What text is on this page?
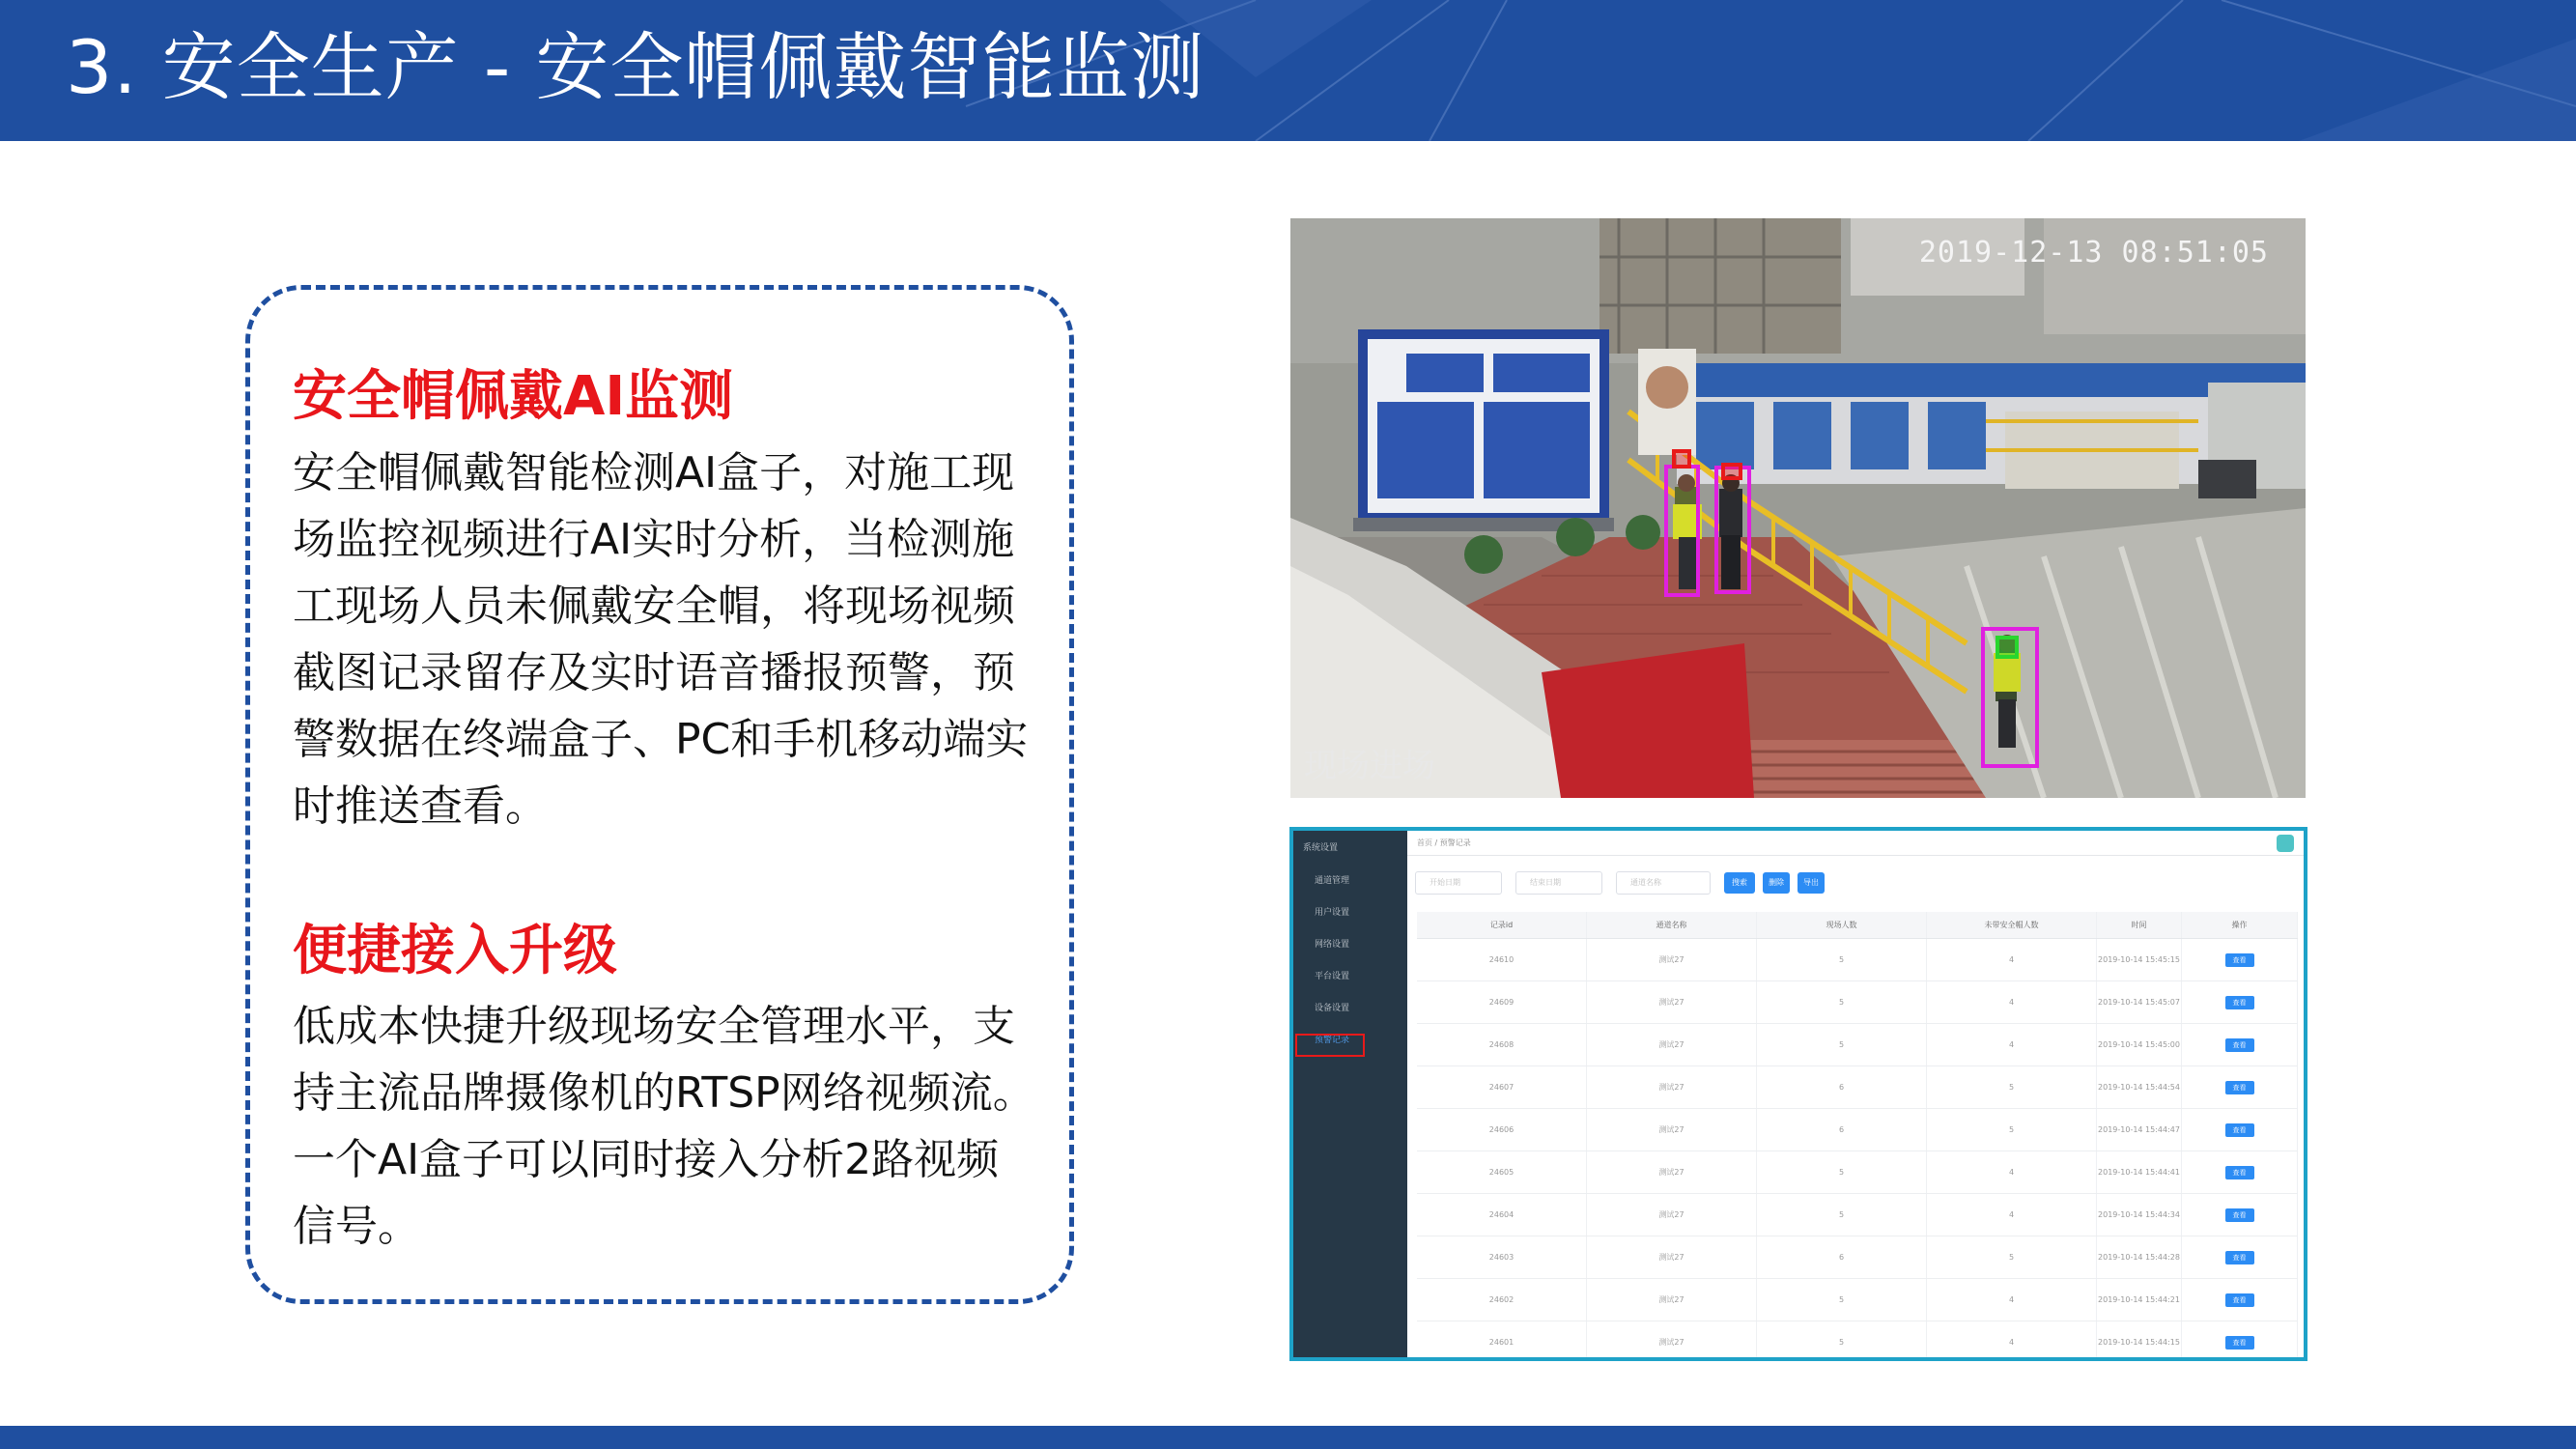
3. 安全生产 - 安全帽佩戴智能监测
安全帽佩戴AI监测
安全帽佩戴智能检测AI盒子，对施工现场监控视频进行AI实时分析，当检测施工现场人员未佩戴安全帽，将现场视频截图记录留存及实时语音播报预警，预警数据在终端盒子、PC和手机移动端实时推送查看。
便捷接入升级
低成本快捷升级现场安全管理水平，支持主流品牌摄像机的RTSP网络视频流。一个AI盒子可以同时接入分析2路视频信号。
2019-12-13 08:51:05
现场进场
系统设置
通道管理
用户设置
网络设置
平台设置
设备设置
预警记录
首页 / 预警记录
开始日期	结束日期	通道名称	搜索	删除	导出
记录id	通道名称	现场人数	未带安全帽人数	时间	操作
24610	测试27	5	4	2019-10-14 15:45:15	查看
24609	测试27	5	4	2019-10-14 15:45:07	查看
24608	测试27	5	4	2019-10-14 15:45:00	查看
24607	测试27	6	5	2019-10-14 15:44:54	查看
24606	测试27	6	5	2019-10-14 15:44:47	查看
24605	测试27	5	4	2019-10-14 15:44:41	查看
24604	测试27	5	4	2019-10-14 15:44:34	查看
24603	测试27	6	5	2019-10-14 15:44:28	查看
24602	测试27	5	4	2019-10-14 15:44:21	查看
24601	测试27	5	4	2019-10-14 15:44:15	查看
